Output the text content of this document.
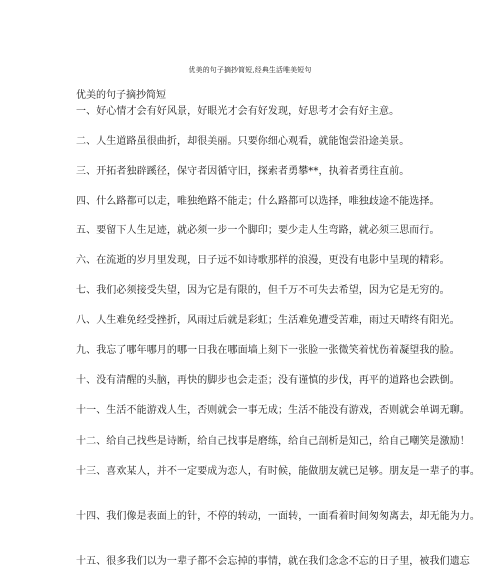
优美的句子摘抄简短,经典生活唯美短句
优美的句子摘抄简短
一、好心情才会有好风景，好眼光才会有好发现，好思考才会有好主意。
二、人生道路虽很曲折，却很美丽。只要你细心观看，就能饱尝沿途美景。
三、开拓者独辟蹊径，保守者因循守旧，探索者勇攀**，执着者勇往直前。
四、什么路都可以走，唯独绝路不能走；什么路都可以选择，唯独歧途不能选择。
五、要留下人生足迹，就必须一步一个脚印；要少走人生弯路，就必须三思而行。
六、在流逝的岁月里发现，日子远不如诗歌那样的浪漫，更没有电影中呈现的精彩。
七、我们必须接受失望，因为它是有限的，但千万不可失去希望，因为它是无穷的。
八、人生难免经受挫折，风雨过后就是彩虹；生活难免遭受苦难，雨过天晴终有阳光。
九、我忘了哪年哪月的哪一日我在哪面墙上刻下一张脸一张微笑着忧伤着凝望我的脸。
十、没有清醒的头脑，再快的脚步也会走歪；没有谨慎的步伐，再平的道路也会跌倒。
十一、生活不能游戏人生，否则就会一事无成；生活不能没有游戏，否则就会单调无聊。
十二、给自己找些是诗断，给自己找事是磨练，给自己剖析是知己，给自己嘲笑是激励！
十三、喜欢某人，并不一定要成为恋人，有时候，能做朋友就已足够。朋友是一辈子的事。
十四、我们像是表面上的针，不停的转动，一面转，一面看着时间匆匆离去，却无能为力。
十五、很多我们以为一辈子都不会忘掉的事情，就在我们念念不忘的日子里，被我们遗忘
